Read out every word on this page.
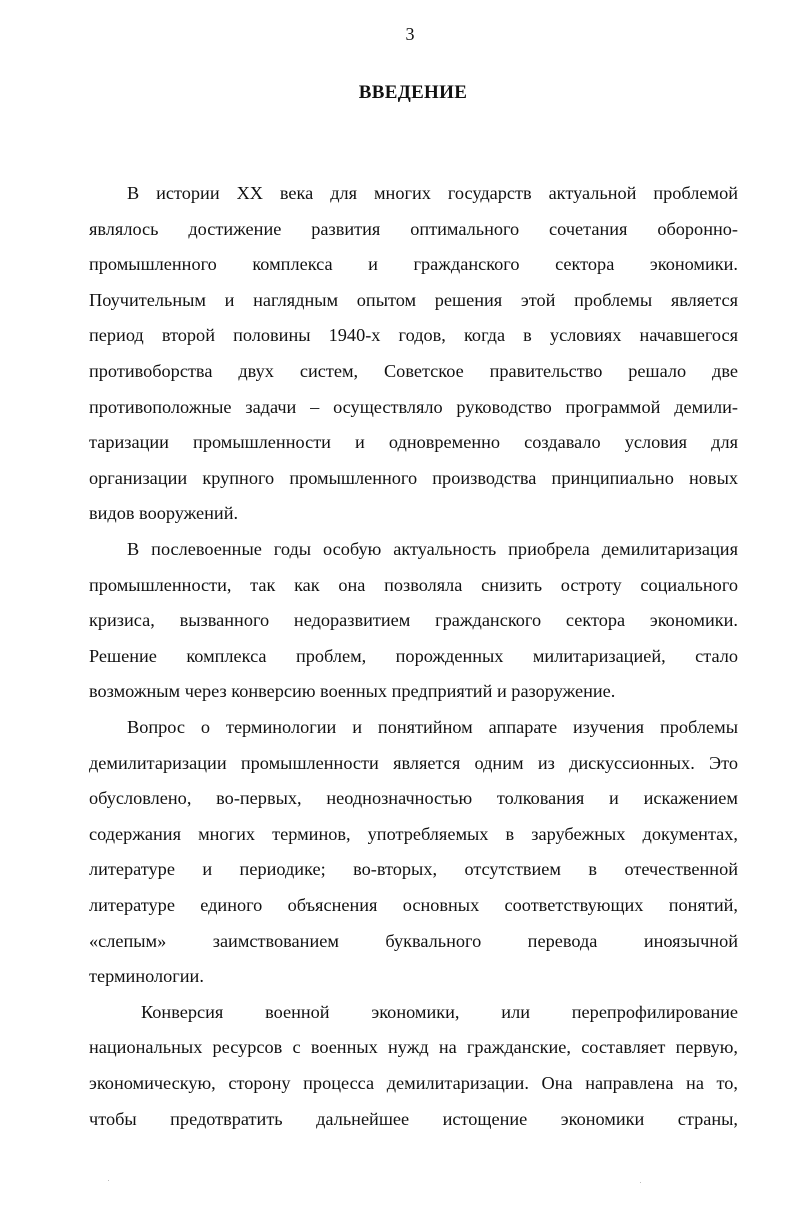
3
ВВЕДЕНИЕ
В истории XX века для многих государств актуальной проблемой
являлось достижение развития оптимального сочетания оборонно-
промышленного комплекса и гражданского сектора экономики.
Поучительным и наглядным опытом решения этой проблемы является
период второй половины 1940-х годов, когда в условиях начавшегося
противоборства двух систем, Советское правительство решало две
противоположные задачи – осуществляло руководство программой демили-
таризации промышленности и одновременно создавало условия для
организации крупного промышленного производства принципиально новых
видов вооружений.
В послевоенные годы особую актуальность приобрела демилитаризация
промышленности, так как она позволяла снизить остроту социального
кризиса, вызванного недоразвитием гражданского сектора экономики.
Решение комплекса проблем, порожденных милитаризацией, стало
возможным через конверсию военных предприятий и разоружение.
Вопрос о терминологии и понятийном аппарате изучения проблемы
демилитаризации промышленности является одним из дискуссионных. Это
обусловлено, во-первых, неоднозначностью толкования и искажением
содержания многих терминов, употребляемых в зарубежных документах,
литературе и периодике; во-вторых, отсутствием в отечественной
литературе единого объяснения основных соответствующих понятий,
«слепым» заимствованием буквального перевода иноязычной
терминологии.
Конверсия военной экономики, или перепрофилирование
национальных ресурсов с военных нужд на гражданские, составляет первую,
экономическую, сторону процесса демилитаризации. Она направлена на то,
чтобы предотвратить дальнейшее истощение экономики страны,
